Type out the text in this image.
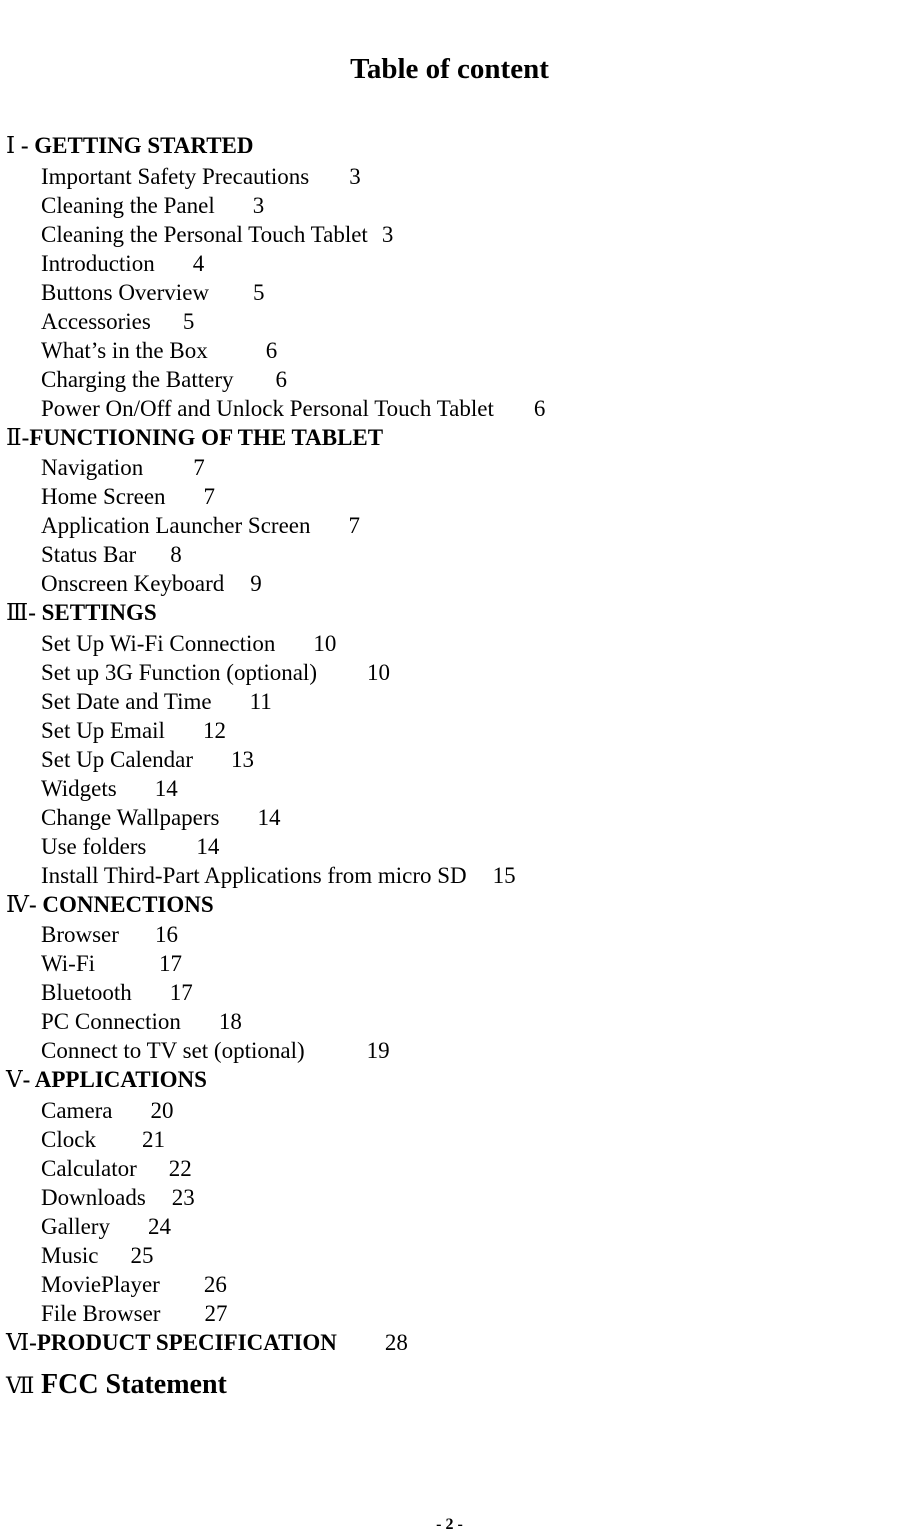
Table of content
Ⅰ - GETTING STARTED
Important Safety Precautions 3
Cleaning the Panel 3
Cleaning the Personal Touch Tablet 3
Introduction 4
Buttons Overview 5
Accessories 5
What’s in the Box	6
Charging the Battery 6
Power On/Off and Unlock Personal Touch Tablet 6
Ⅱ-FUNCTIONING OF THE TABLET
Navigation 7
Home Screen 7
Application Launcher Screen 7
Status Bar 8
Onscreen Keyboard 9
Ⅲ- SETTINGS
Set Up Wi-Fi Connection 10
Set up 3G Function (optional) 10
Set Date and Time 11
Set Up Email 12
Set Up Calendar 13
Widgets 14
Change Wallpapers 14
Use folders 14
Install Third-Part Applications from micro SD 15
Ⅳ- CONNECTIONS
Browser 16
Wi-Fi	17
Bluetooth 17
PC Connection 18
Connect to TV set (optional)	19
Ⅴ- APPLICATIONS
Camera 20
Clock 21
Calculator 22
Downloads 23
Gallery 24
Music 25
MoviePlayer 26
File Browser 27
Ⅵ-PRODUCT SPECIFICATION 28
Ⅶ FCC Statement
- 2 -
